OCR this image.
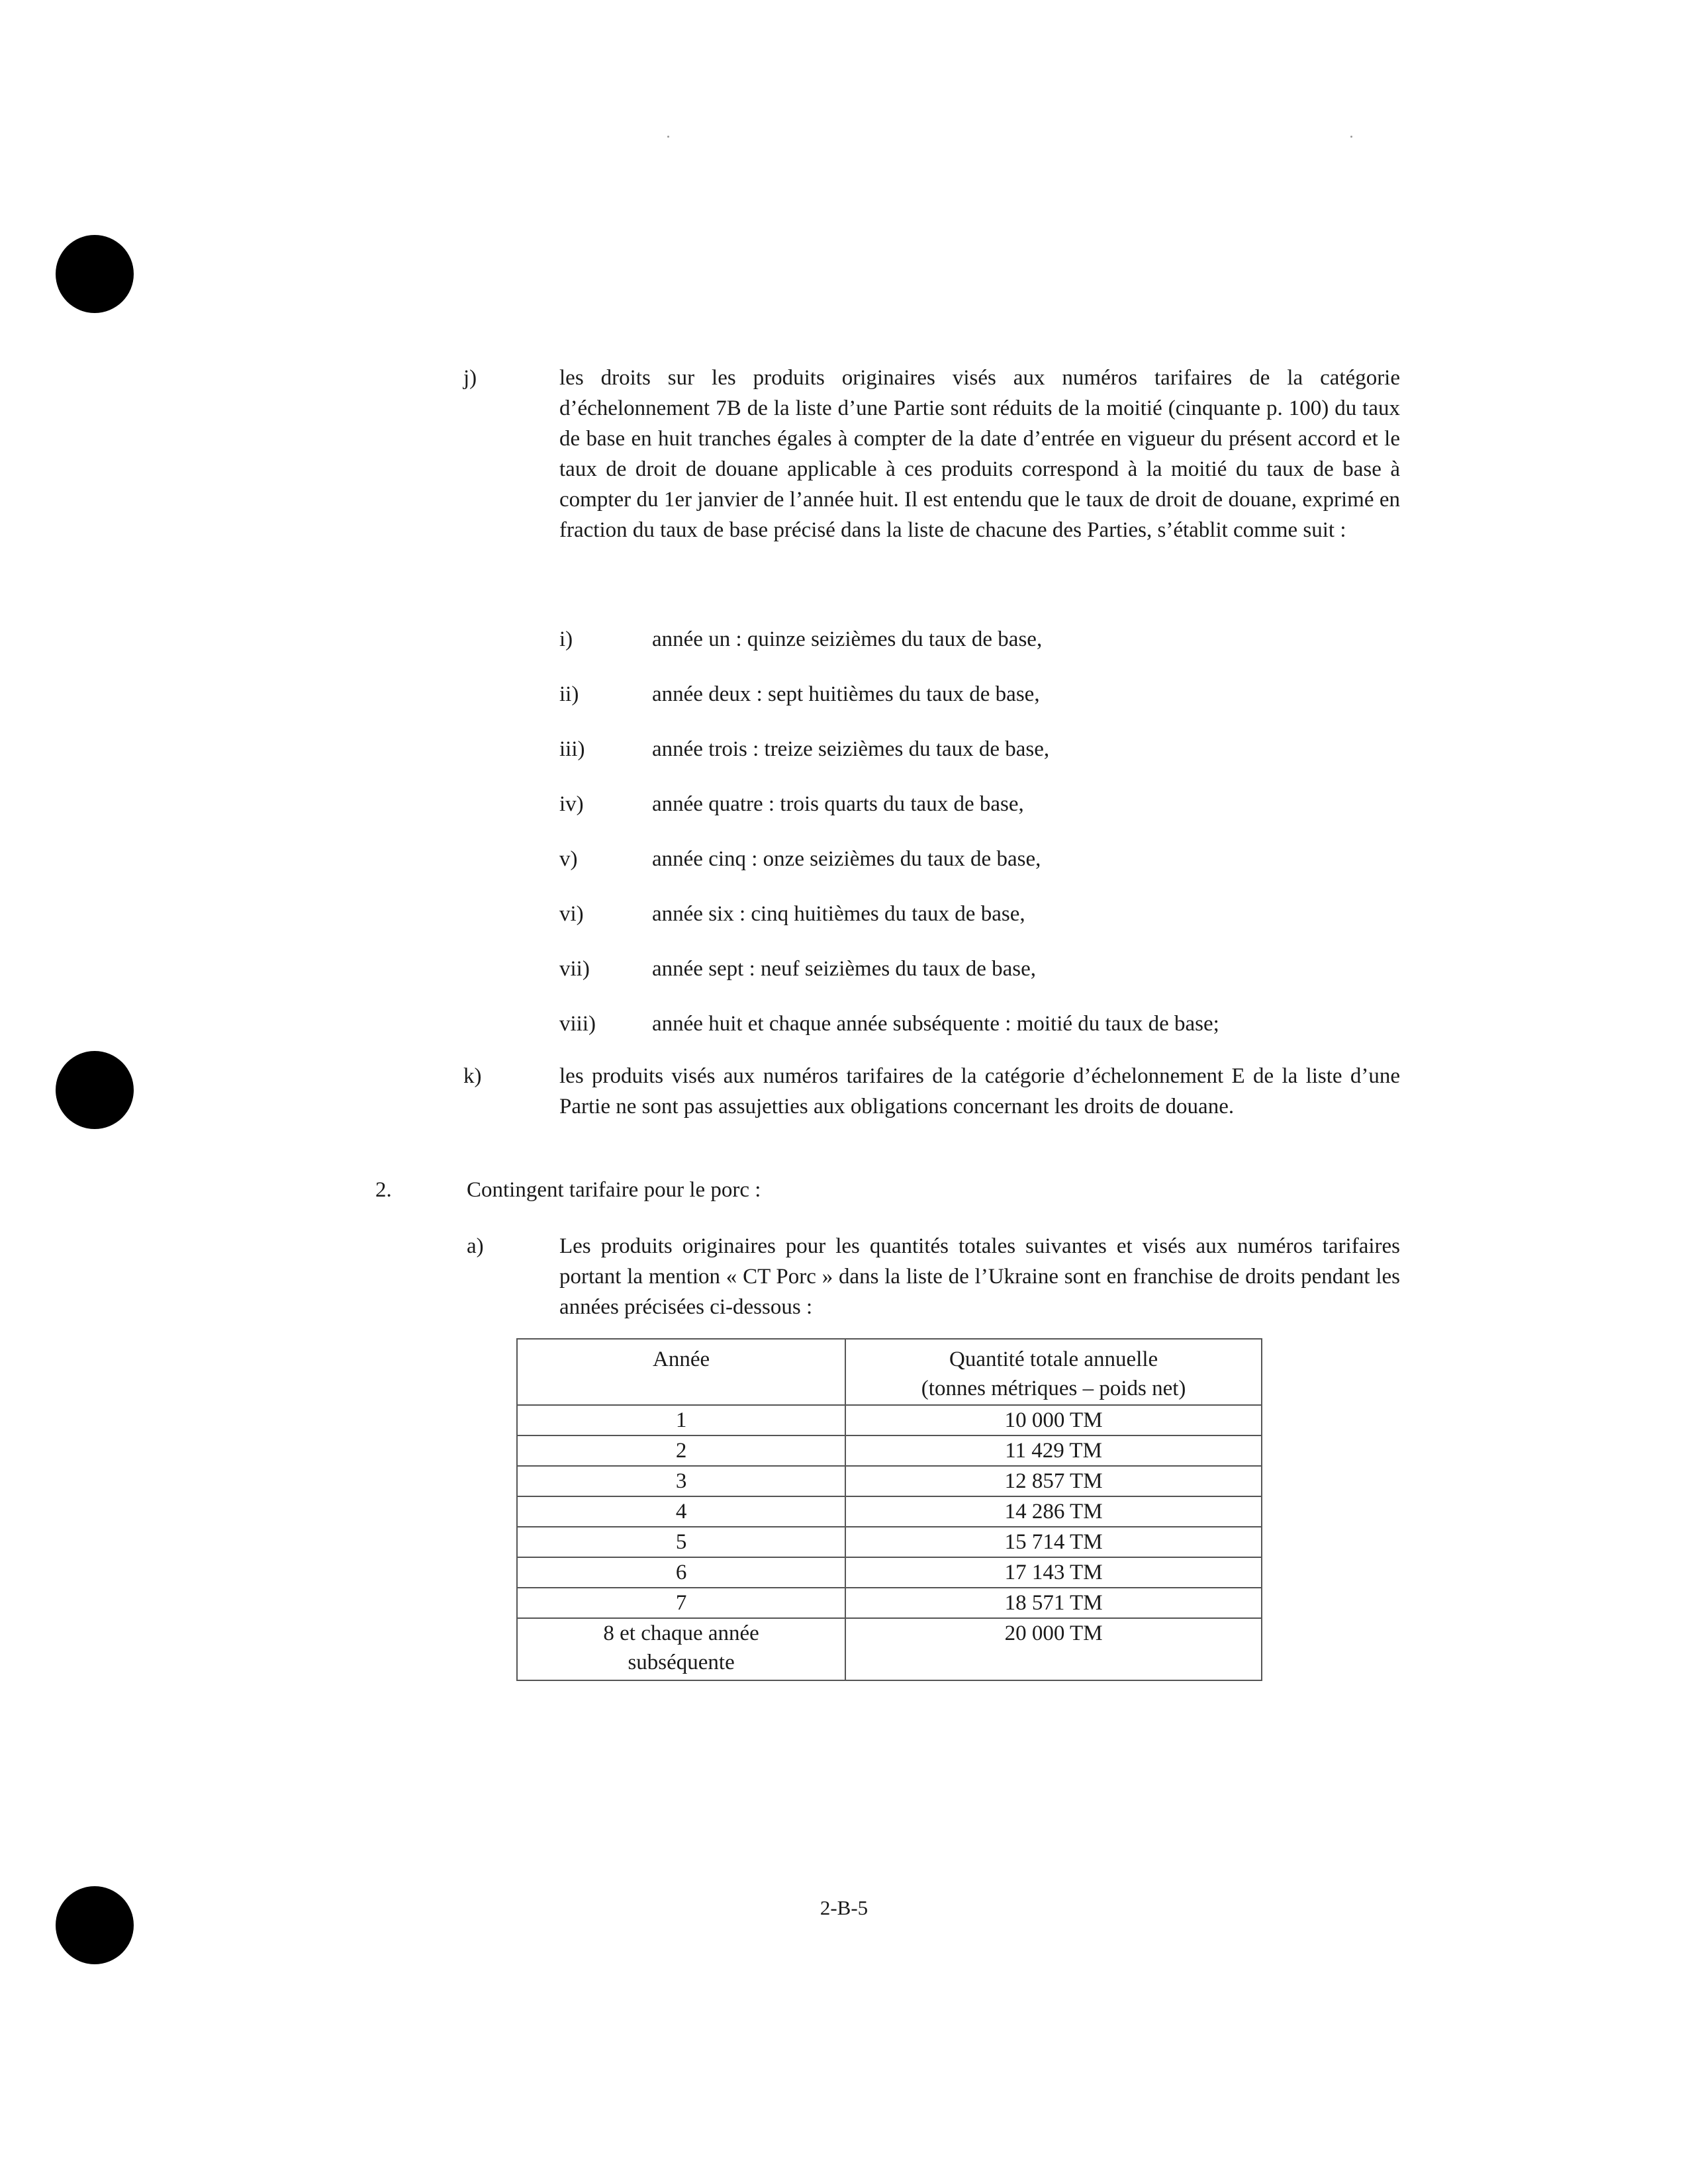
j)	les droits sur les produits originaires visés aux numéros tarifaires de la catégorie d’échelonnement 7B de la liste d’une Partie sont réduits de la moitié (cinquante p. 100) du taux de base en huit tranches égales à compter de la date d’entrée en vigueur du présent accord et le taux de droit de douane applicable à ces produits correspond à la moitié du taux de base à compter du 1er janvier de l’année huit. Il est entendu que le taux de droit de douane, exprimé en fraction du taux de base précisé dans la liste de chacune des Parties, s’établit comme suit :

i)	année un : quinze seizièmes du taux de base,
ii)	année deux : sept huitièmes du taux de base,
iii)	année trois : treize seizièmes du taux de base,
iv)	année quatre : trois quarts du taux de base,
v)	année cinq : onze seizièmes du taux de base,
vi)	année six : cinq huitièmes du taux de base,
vii)	année sept : neuf seizièmes du taux de base,
viii)	année huit et chaque année subséquente : moitié du taux de base;
k)	les produits visés aux numéros tarifaires de la catégorie d’échelonnement E de la liste d’une Partie ne sont pas assujetties aux obligations concernant les droits de douane.

2.	Contingent tarifaire pour le porc :
a)	Les produits originaires pour les quantités totales suivantes et visés aux numéros tarifaires portant la mention « CT Porc » dans la liste de l’Ukraine sont en franchise de droits pendant les années précisées ci-dessous :

Année	Quantité totale annuelle
(tonnes métriques – poids net)
1	10 000 TM
2	11 429 TM
3	12 857 TM
4	14 286 TM
5	15 714 TM
6	17 143 TM
7	18 571 TM
8 et chaque année
subséquente	20 000 TM
2-B-5
